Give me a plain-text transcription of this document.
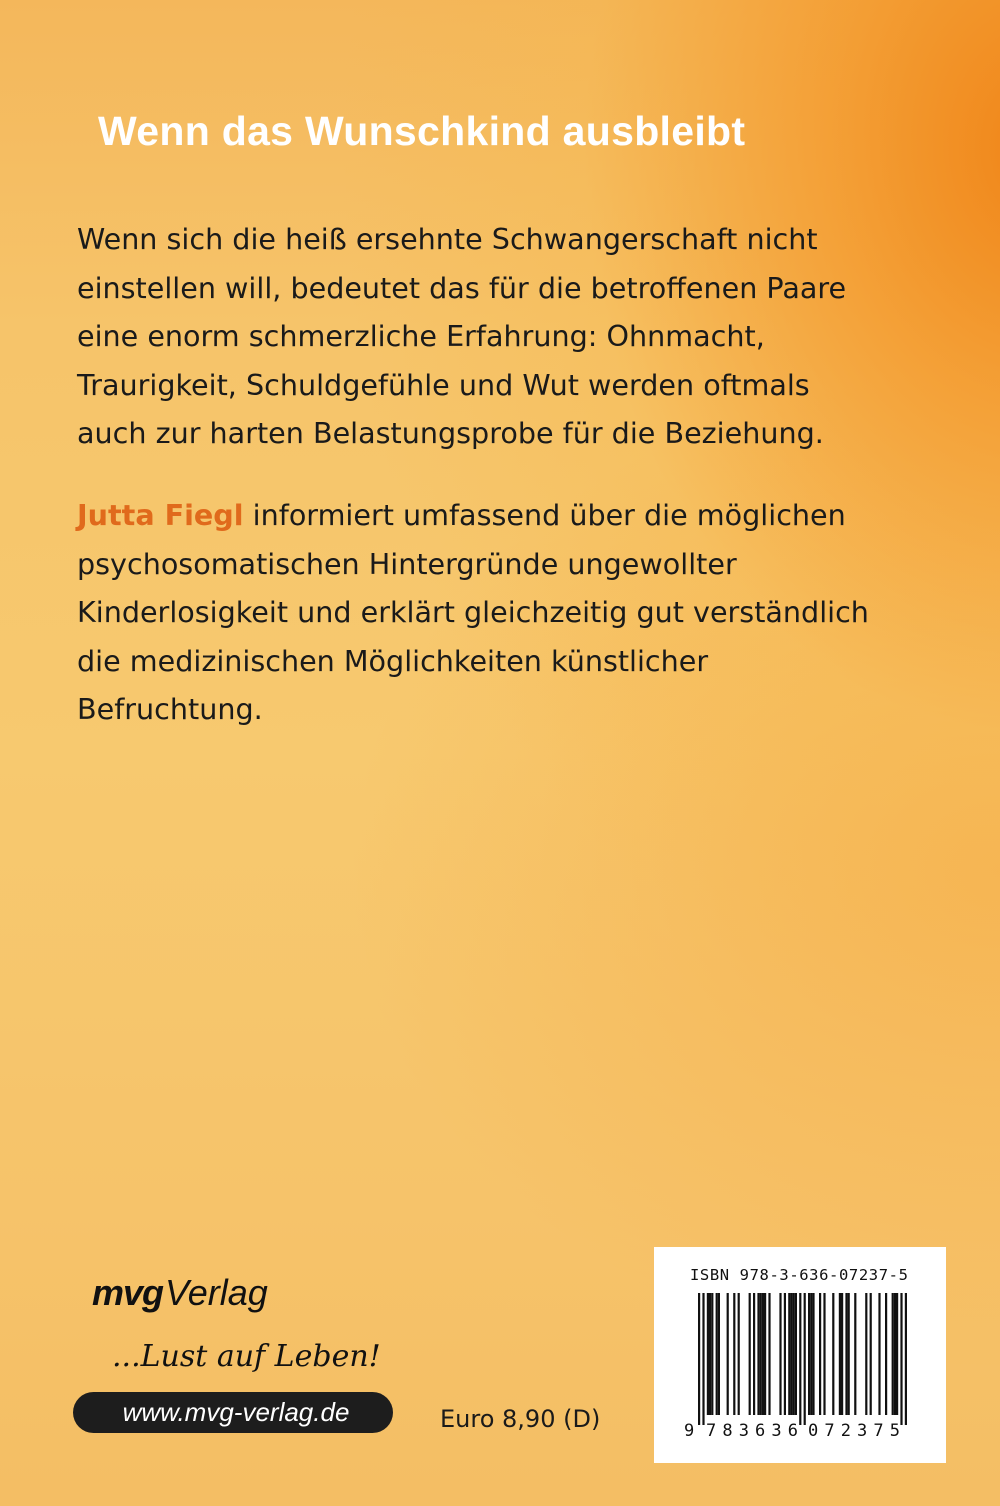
Wenn das Wunschkind ausbleibt

Wenn sich die heiß ersehnte Schwangerschaft nicht
einstellen will, bedeutet das für die betroffenen Paare
eine enorm schmerzliche Erfahrung: Ohnmacht,
Traurigkeit, Schuldgefühle und Wut werden oftmals
auch zur harten Belastungsprobe für die Beziehung.

Jutta Fiegl informiert umfassend über die möglichen
psychosomatischen Hintergründe ungewollter
Kinderlosigkeit und erklärt gleichzeitig gut verständlich
die medizinischen Möglichkeiten künstlicher
Befruchtung.

mvgVerlag
...Lust auf Leben!
www.mvg-verlag.de	Euro 8,90 (D)
ISBN 978-3-636-07237-5
9 783636 072375
